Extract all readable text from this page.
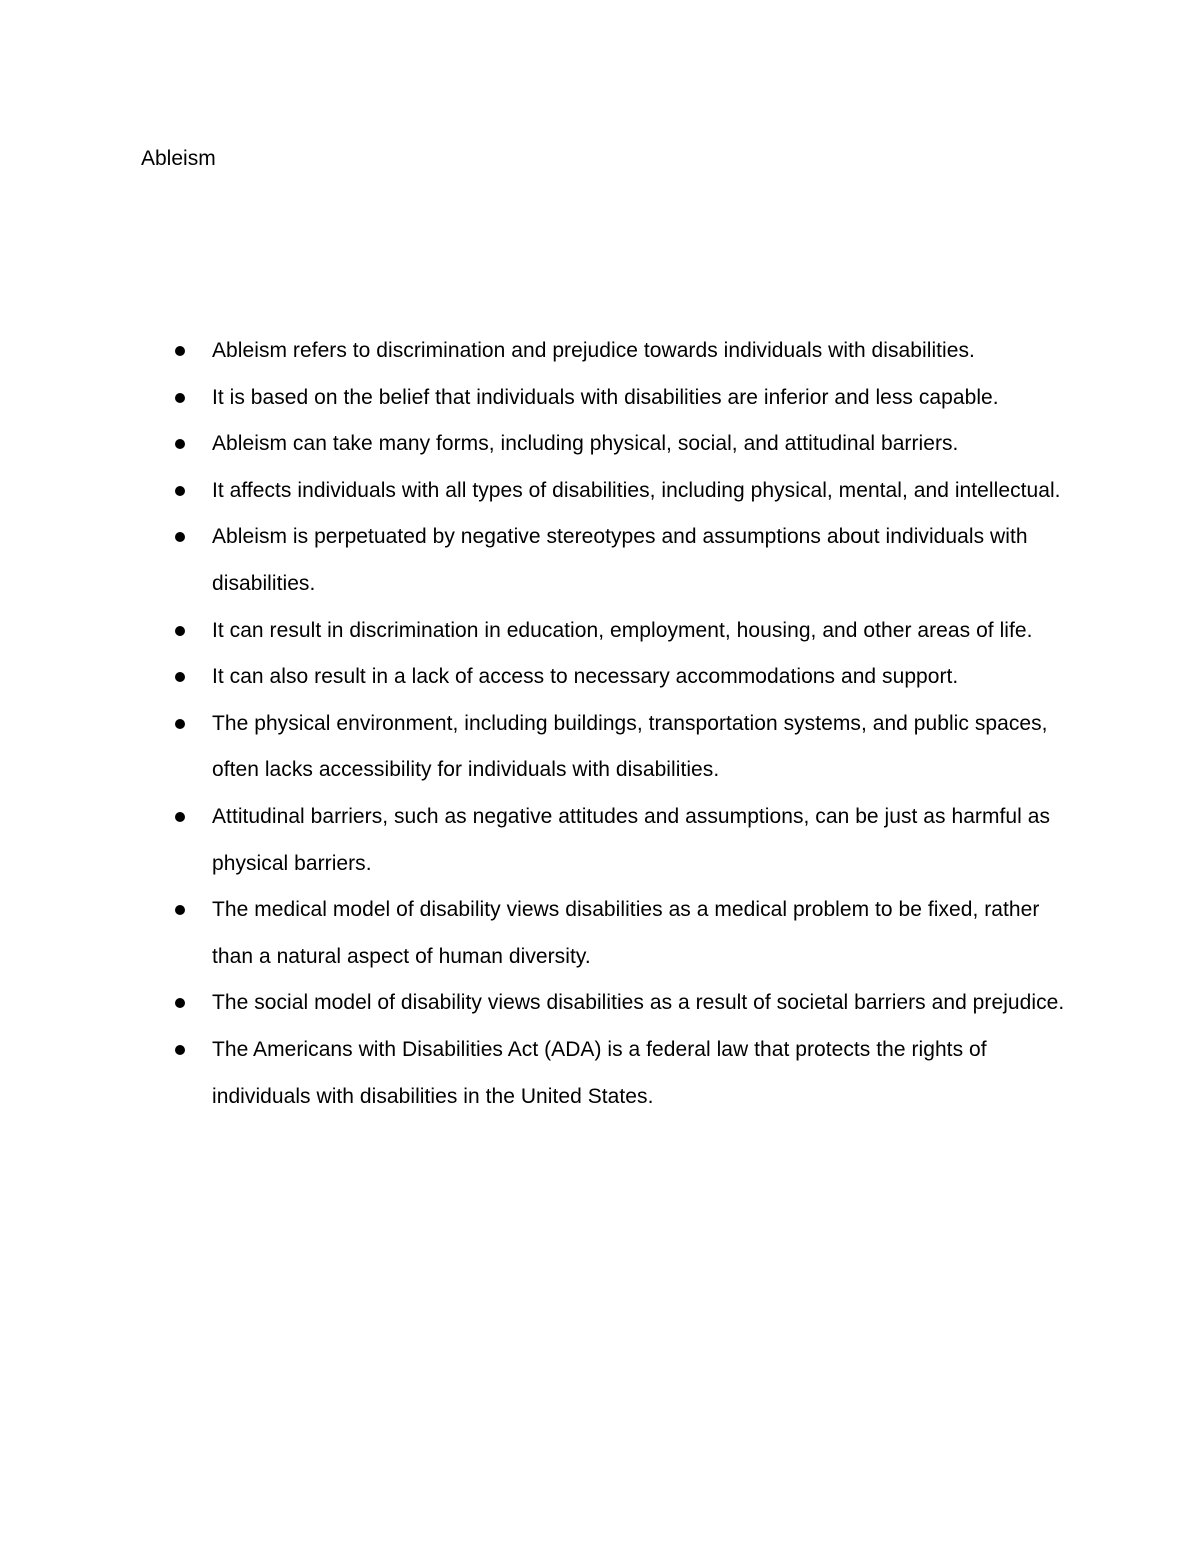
Ableism
Ableism refers to discrimination and prejudice towards individuals with disabilities.
It is based on the belief that individuals with disabilities are inferior and less capable.
Ableism can take many forms, including physical, social, and attitudinal barriers.
It affects individuals with all types of disabilities, including physical, mental, and intellectual.
Ableism is perpetuated by negative stereotypes and assumptions about individuals with disabilities.
It can result in discrimination in education, employment, housing, and other areas of life.
It can also result in a lack of access to necessary accommodations and support.
The physical environment, including buildings, transportation systems, and public spaces, often lacks accessibility for individuals with disabilities.
Attitudinal barriers, such as negative attitudes and assumptions, can be just as harmful as physical barriers.
The medical model of disability views disabilities as a medical problem to be fixed, rather than a natural aspect of human diversity.
The social model of disability views disabilities as a result of societal barriers and prejudice.
The Americans with Disabilities Act (ADA) is a federal law that protects the rights of individuals with disabilities in the United States.
